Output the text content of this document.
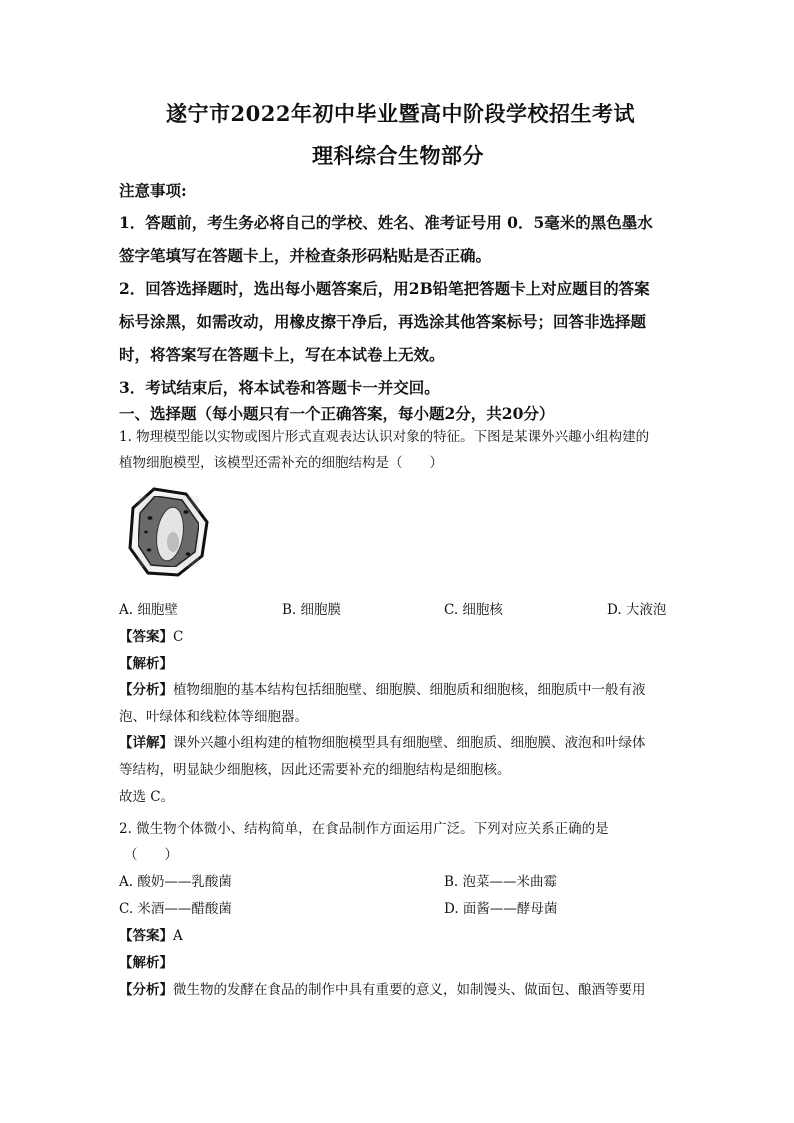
遂宁市2022年初中毕业暨高中阶段学校招生考试
理科综合生物部分
注意事项:
1．答题前，考生务必将自己的学校、姓名、准考证号用 0．5毫米的黑色墨水
签字笔填写在答题卡上，并检查条形码粘贴是否正确。
2．回答选择题时，选出每小题答案后，用2B铅笔把答题卡上对应题目的答案
标号涂黑，如需改动，用橡皮擦干净后，再选涂其他答案标号；回答非选择题
时，将答案写在答题卡上，写在本试卷上无效。
3．考试结束后，将本试卷和答题卡一并交回。
一、选择题（每小题只有一个正确答案，每小题2分，共20分）
1. 物理模型能以实物或图片形式直观表达认识对象的特征。下图是某课外兴趣小组构建的
植物细胞模型，该模型还需补充的细胞结构是（　　）
A. 细胞壁	B. 细胞膜	C. 细胞核	D. 大液泡
【答案】C
【解析】
【分析】植物细胞的基本结构包括细胞壁、细胞膜、细胞质和细胞核，细胞质中一般有液
泡、叶绿体和线粒体等细胞器。
【详解】课外兴趣小组构建的植物细胞模型具有细胞壁、细胞质、细胞膜、液泡和叶绿体
等结构，明显缺少细胞核，因此还需要补充的细胞结构是细胞核。
故选 C。
2. 微生物个体微小、结构简单，在食品制作方面运用广泛。下列对应关系正确的是
（　　）
A. 酸奶——乳酸菌	B. 泡菜——米曲霉
C. 米酒——醋酸菌	D. 面酱——酵母菌
【答案】A
【解析】
【分析】微生物的发酵在食品的制作中具有重要的意义，如制馒头、做面包、酿酒等要用
